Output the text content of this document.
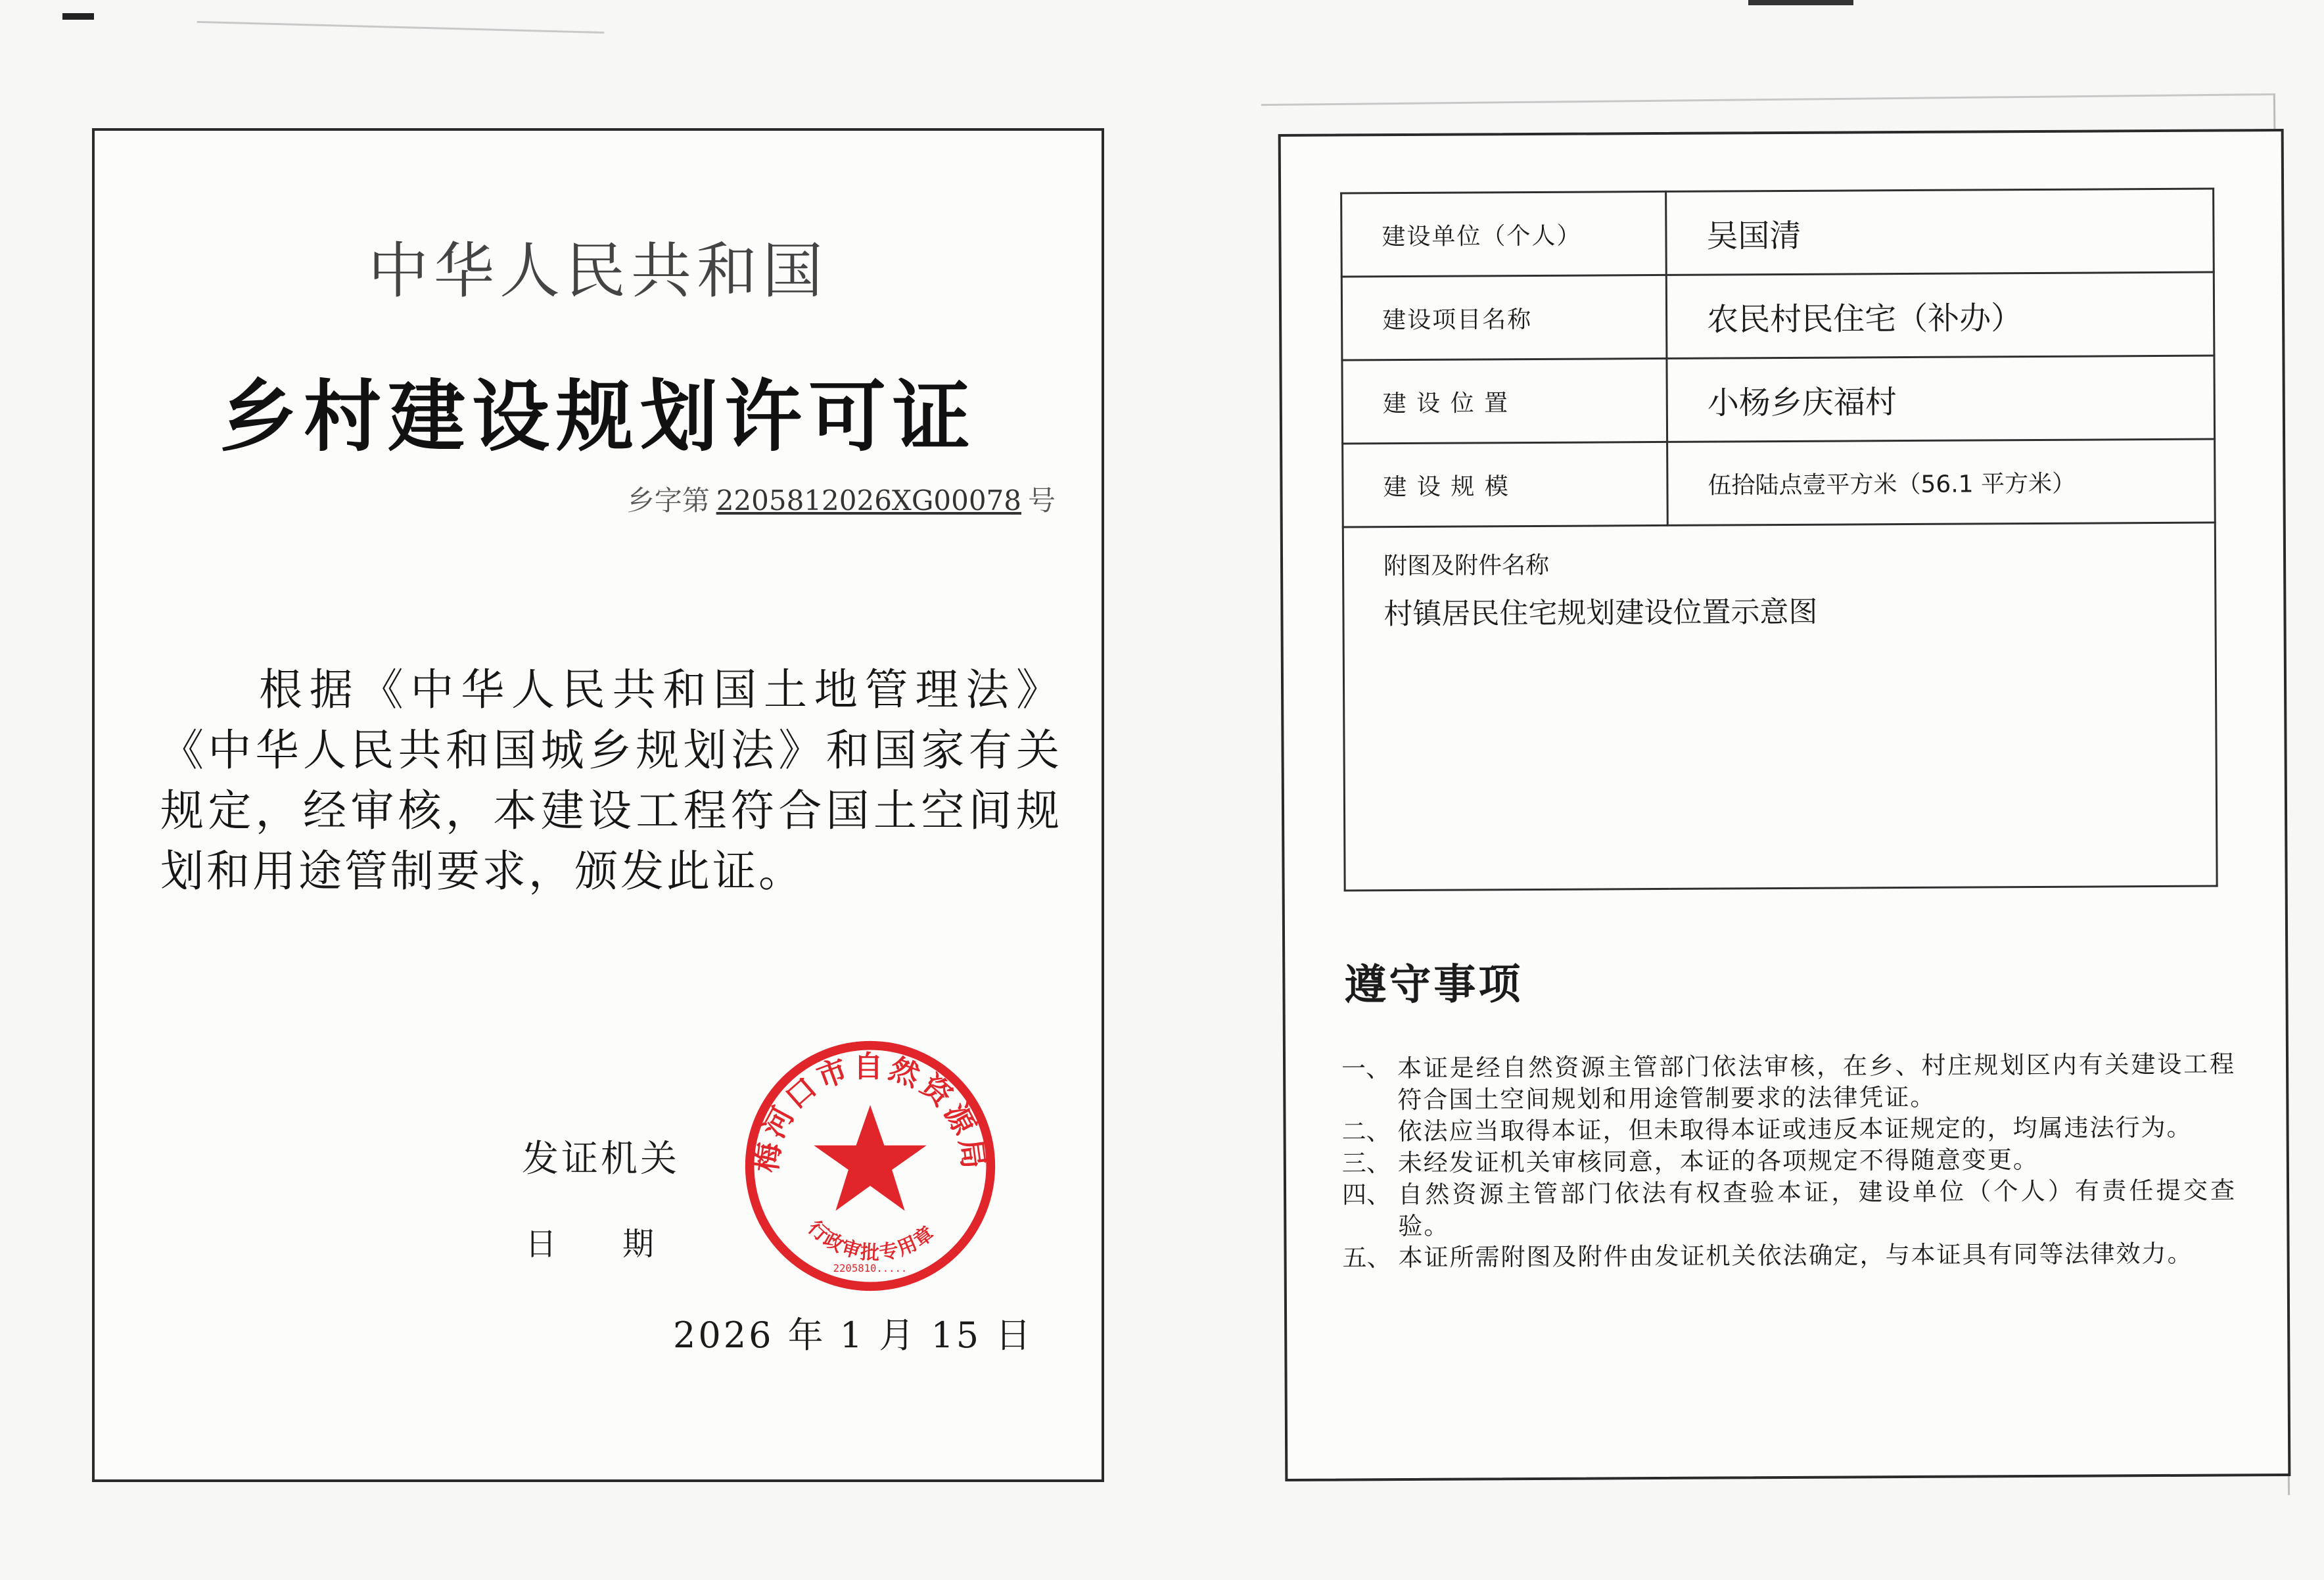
中华人民共和国
乡村建设规划许可证
乡字第 2205812026XG00078 号
根据《中华人民共和国土地管理法》《中华人民共和国城乡规划法》和国家有关规定，经审核，本建设工程符合国土空间规划和用途管制要求，颁发此证。
发证机关
日期
2026 年 1 月 15 日
梅河口市自然资源局
行政审批专用章
2205810.....
建设单位（个人）	吴国清
建设项目名称	农民村民住宅（补办）
建 设 位 置	小杨乡庆福村
建 设 规 模	伍拾陆点壹平方米（56.1 平方米）

附图及附件名称
村镇居民住宅规划建设位置示意图	
遵守事项
一、 本证是经自然资源主管部门依法审核，在乡、村庄规划区内有关建设工程符合国土空间规划和用途管制要求的法律凭证。
二、 依法应当取得本证，但未取得本证或违反本证规定的，均属违法行为。
三、 未经发证机关审核同意，本证的各项规定不得随意变更。
四、 自然资源主管部门依法有权查验本证，建设单位（个人）有责任提交查验。
五、 本证所需附图及附件由发证机关依法确定，与本证具有同等法律效力。
